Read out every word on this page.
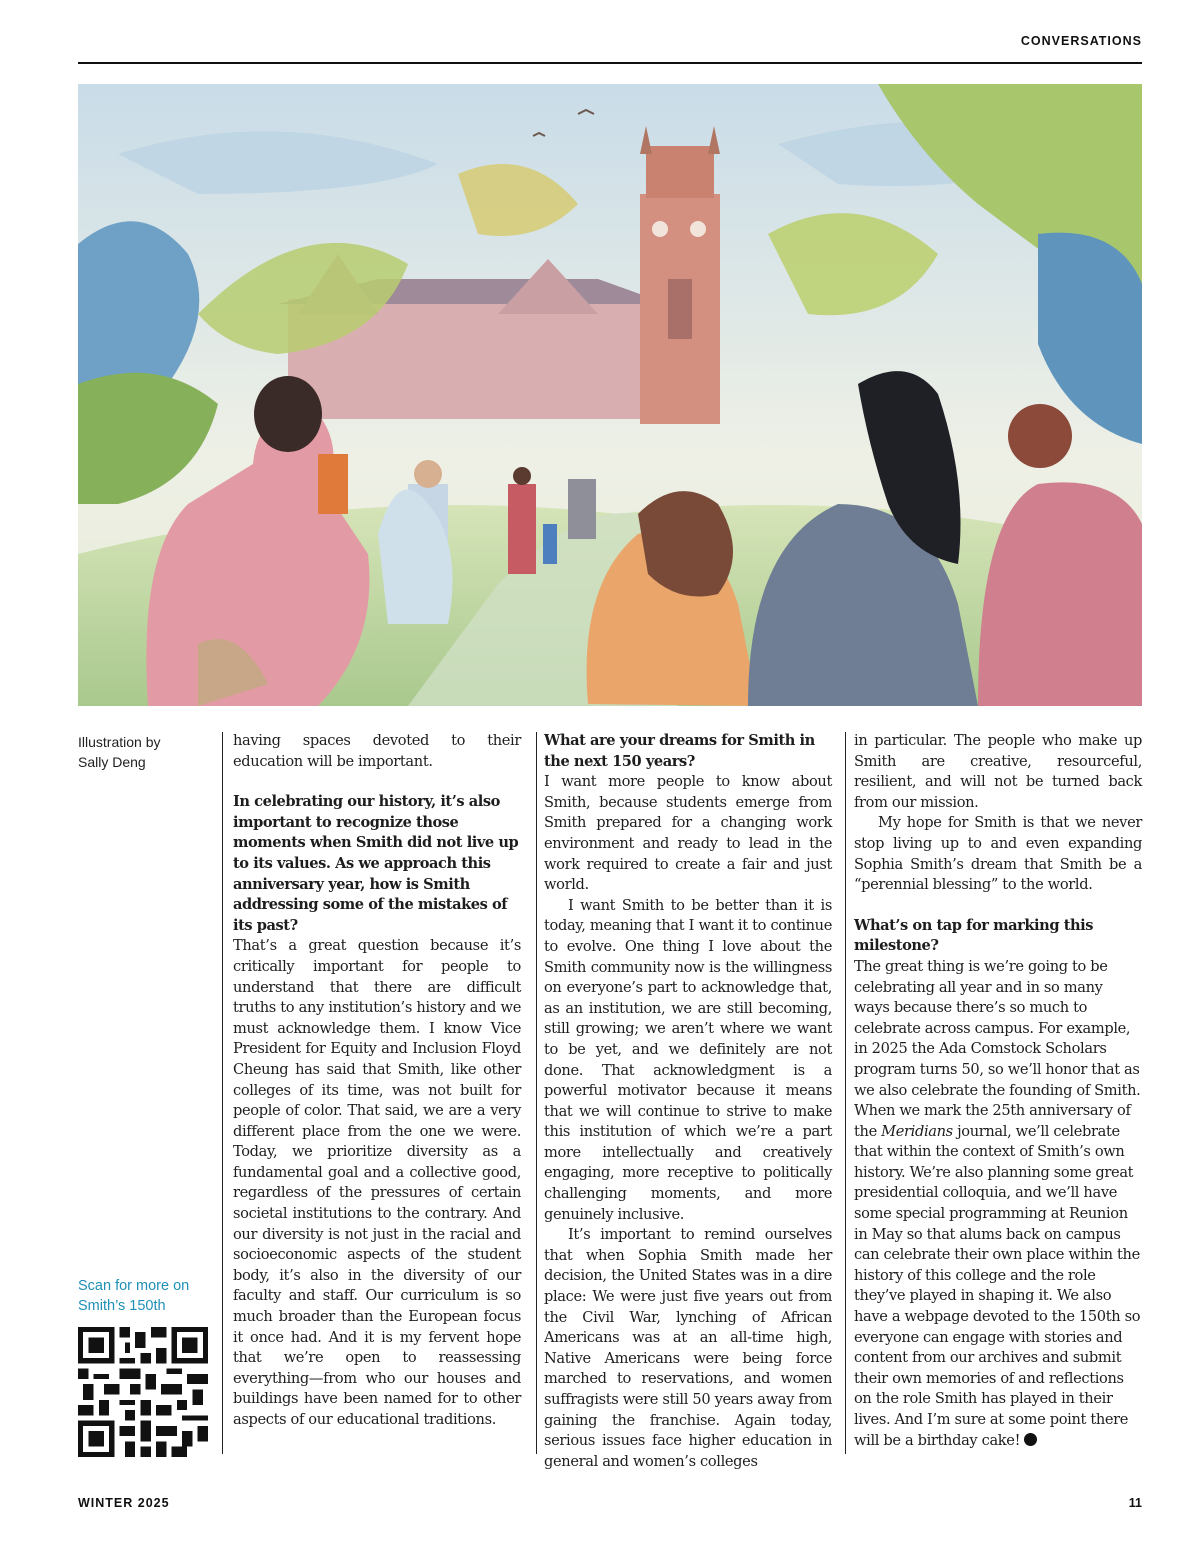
CONVERSATIONS
Illustration by
Sally Deng
Scan for more on
Smith’s 150th

having spaces devoted to their education will be important.

In celebrating our history, it’s also important to recognize those moments when Smith did not live up to its values. As we approach this anniversary year, how is Smith addressing some of the mistakes of its past?

That’s a great question because it’s critically important for people to understand that there are difficult truths to any institution’s history and we must acknowledge them. I know Vice President for Equity and Inclusion Floyd Cheung has said that Smith, like other colleges of its time, was not built for people of color. That said, we are a very different place from the one we were. Today, we prioritize diversity as a fundamental goal and a collective good, regardless of the pressures of certain societal institutions to the contrary. And our diversity is not just in the racial and socioeconomic aspects of the student body, it’s also in the diversity of our faculty and staff. Our curriculum is so much broader than the European focus it once had. And it is my fervent hope that we’re open to reassessing everything—from who our houses and buildings have been named for to other aspects of our educational traditions.

What are your dreams for Smith in the next 150 years?

I want more people to know about Smith, because students emerge from Smith prepared for a changing work environment and ready to lead in the work required to create a fair and just world.

I want Smith to be better than it is today, meaning that I want it to continue to evolve. One thing I love about the Smith community now is the willingness on everyone’s part to acknowledge that, as an institution, we are still becoming, still growing; we aren’t where we want to be yet, and we definitely are not done. That acknowledgment is a powerful motivator because it means that we will continue to strive to make this institution of which we’re a part more intellectually and creatively engaging, more receptive to politically challenging moments, and more genuinely inclusive.

It’s important to remind ourselves that when Sophia Smith made her decision, the United States was in a dire place: We were just five years out from the Civil War, lynching of African Americans was at an all-time high, Native Americans were being force marched to reservations, and women suffragists were still 50 years away from gaining the franchise. Again today, serious issues face higher education in general and women’s colleges

in particular. The people who make up Smith are creative, resourceful, resilient, and will not be turned back from our mission.

My hope for Smith is that we never stop living up to and even expanding Sophia Smith’s dream that Smith be a “perennial blessing” to the world.

What’s on tap for marking this milestone?

The great thing is we’re going to be celebrating all year and in so many ways because there’s so much to celebrate across campus. For example, in 2025 the Ada Comstock Scholars program turns 50, so we’ll honor that as we also celebrate the founding of Smith. When we mark the 25th anniversary of the Meridians journal, we’ll celebrate that within the context of Smith’s own history. We’re also planning some great presidential colloquia, and we’ll have some special programming at Reunion in May so that alums back on campus can celebrate their own place within the history of this college and the role they’ve played in shaping it. We also have a webpage devoted to the 150th so everyone can engage with stories and content from our archives and submit their own memories of and reflections on the role Smith has played in their lives. And I’m sure at some point there will be a birthday cake!

WINTER 2025	11
